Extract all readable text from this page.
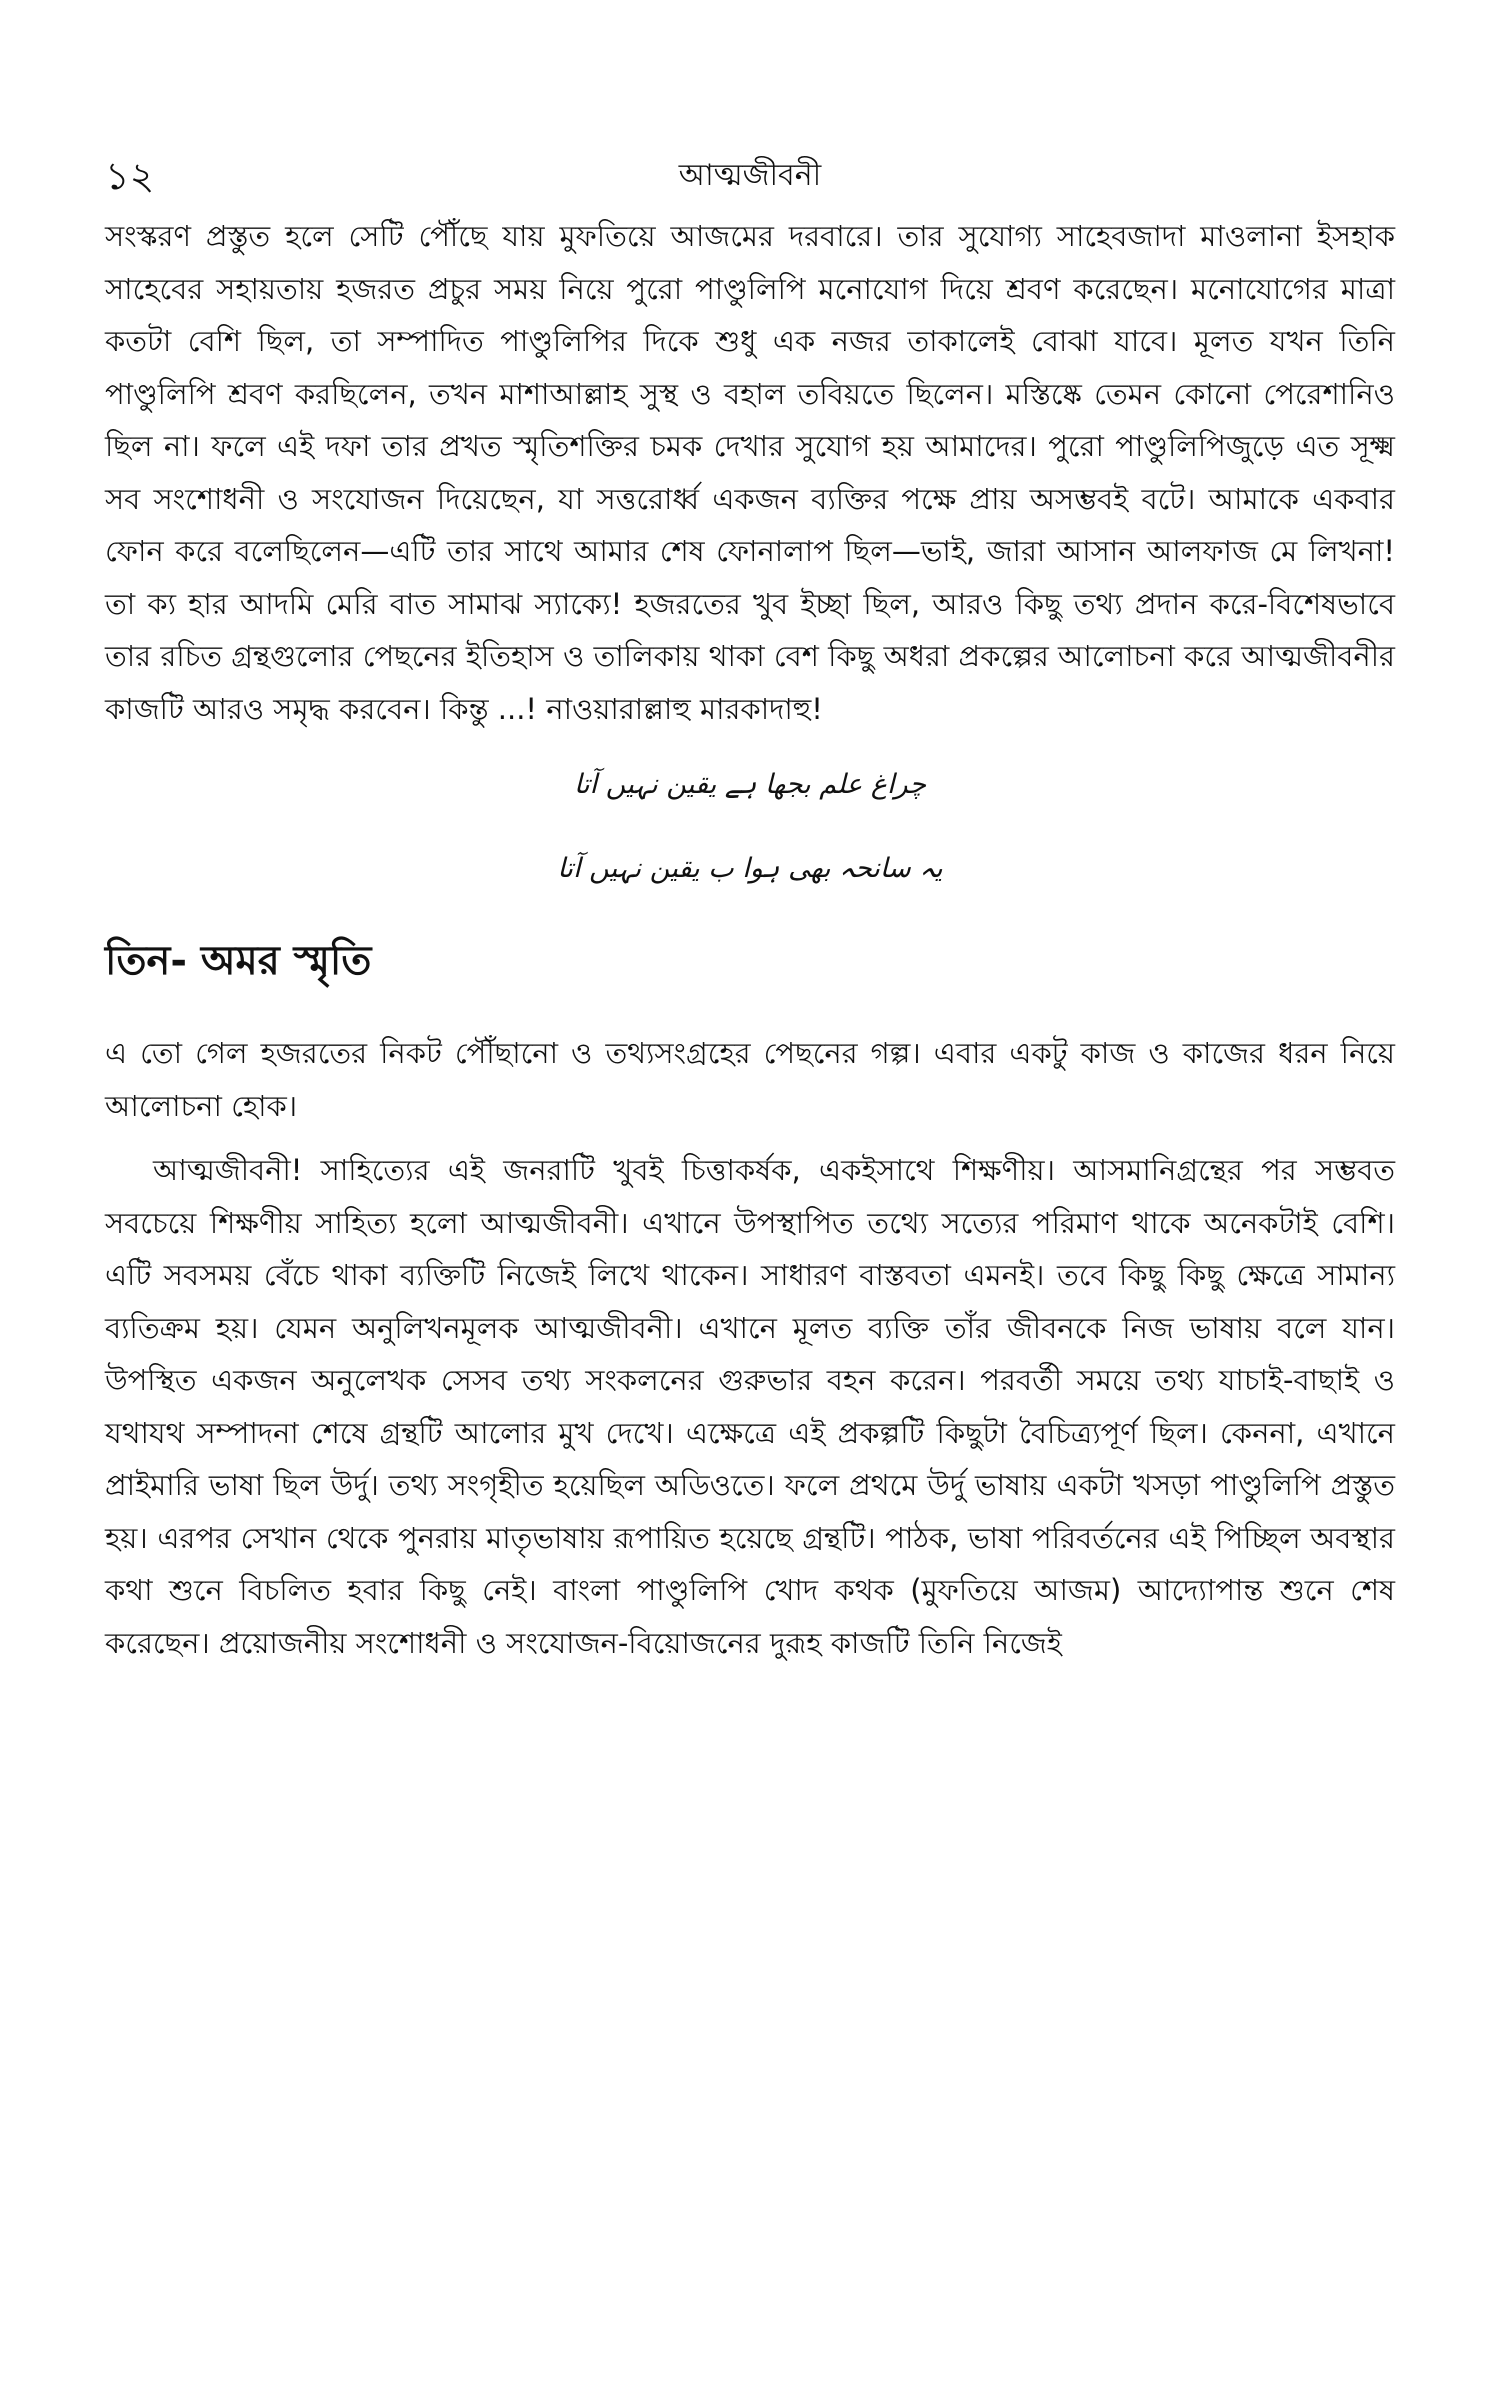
১২	আত্মজীবনী

সংস্করণ প্রস্তুত হলে সেটি পৌঁছে যায় মুফতিয়ে আজমের দরবারে। তার সুযোগ্য সাহেবজাদা মাওলানা ইসহাক সাহেবের সহায়তায় হজরত প্রচুর সময় নিয়ে পুরো পাণ্ডুলিপি মনোযোগ দিয়ে শ্রবণ করেছেন। মনোযোগের মাত্রা কতটা বেশি ছিল, তা সম্পাদিত পাণ্ডুলিপির দিকে শুধু এক নজর তাকালেই বোঝা যাবে। মূলত যখন তিনি পাণ্ডুলিপি শ্রবণ করছিলেন, তখন মাশাআল্লাহ সুস্থ ও বহাল তবিয়তে ছিলেন। মস্তিষ্কে তেমন কোনো পেরেশানিও ছিল না। ফলে এই দফা তার প্রখত স্মৃতিশক্তির চমক দেখার সুযোগ হয় আমাদের। পুরো পাণ্ডুলিপিজুড়ে এত সূক্ষ্ম সব সংশোধনী ও সংযোজন দিয়েছেন, যা সত্তরোর্ধ্ব একজন ব্যক্তির পক্ষে প্রায় অসম্ভবই বটে। আমাকে একবার ফোন করে বলেছিলেন—এটি তার সাথে আমার শেষ ফোনালাপ ছিল—ভাই, জারা আসান আলফাজ মে লিখনা! তা ক্য হার আদমি মেরি বাত সামাঝ স্যাক্যে! হজরতের খুব ইচ্ছা ছিল, আরও কিছু তথ্য প্রদান করে-বিশেষভাবে তার রচিত গ্রন্থগুলোর পেছনের ইতিহাস ও তালিকায় থাকা বেশ কিছু অধরা প্রকল্পের আলোচনা করে আত্মজীবনীর কাজটি আরও সমৃদ্ধ করবেন। কিন্তু ...! নাওয়ারাল্লাহু মারকাদাহু!

چراغ علم بجھا ہے یقین نہیں آتا

یہ سانحہ بھی ہوا ب یقین نہیں آتا

তিন- অমর স্মৃতি

এ তো গেল হজরতের নিকট পৌঁছানো ও তথ্যসংগ্রহের পেছনের গল্প। এবার একটু কাজ ও কাজের ধরন নিয়ে আলোচনা হোক।

আত্মজীবনী! সাহিত্যের এই জনরাটি খুবই চিত্তাকর্ষক, একইসাথে শিক্ষণীয়। আসমানিগ্রন্থের পর সম্ভবত সবচেয়ে শিক্ষণীয় সাহিত্য হলো আত্মজীবনী। এখানে উপস্থাপিত তথ্যে সত্যের পরিমাণ থাকে অনেকটাই বেশি। এটি সবসময় বেঁচে থাকা ব্যক্তিটি নিজেই লিখে থাকেন। সাধারণ বাস্তবতা এমনই। তবে কিছু কিছু ক্ষেত্রে সামান্য ব্যতিক্রম হয়। যেমন অনুলিখনমূলক আত্মজীবনী। এখানে মূলত ব্যক্তি তাঁর জীবনকে নিজ ভাষায় বলে যান। উপস্থিত একজন অনুলেখক সেসব তথ্য সংকলনের গুরুভার বহন করেন। পরবর্তী সময়ে তথ্য যাচাই-বাছাই ও যথাযথ সম্পাদনা শেষে গ্রন্থটি আলোর মুখ দেখে। এক্ষেত্রে এই প্রকল্পটি কিছুটা বৈচিত্র্যপূর্ণ ছিল। কেননা, এখানে প্রাইমারি ভাষা ছিল উর্দু। তথ্য সংগৃহীত হয়েছিল অডিওতে। ফলে প্রথমে উর্দু ভাষায় একটা খসড়া পাণ্ডুলিপি প্রস্তুত হয়। এরপর সেখান থেকে পুনরায় মাতৃভাষায় রূপায়িত হয়েছে গ্রন্থটি। পাঠক, ভাষা পরিবর্তনের এই পিচ্ছিল অবস্থার কথা শুনে বিচলিত হবার কিছু নেই। বাংলা পাণ্ডুলিপি খোদ কথক (মুফতিয়ে আজম) আদ্যোপান্ত শুনে শেষ করেছেন। প্রয়োজনীয় সংশোধনী ও সংযোজন-বিয়োজনের দুরূহ কাজটি তিনি নিজেই
